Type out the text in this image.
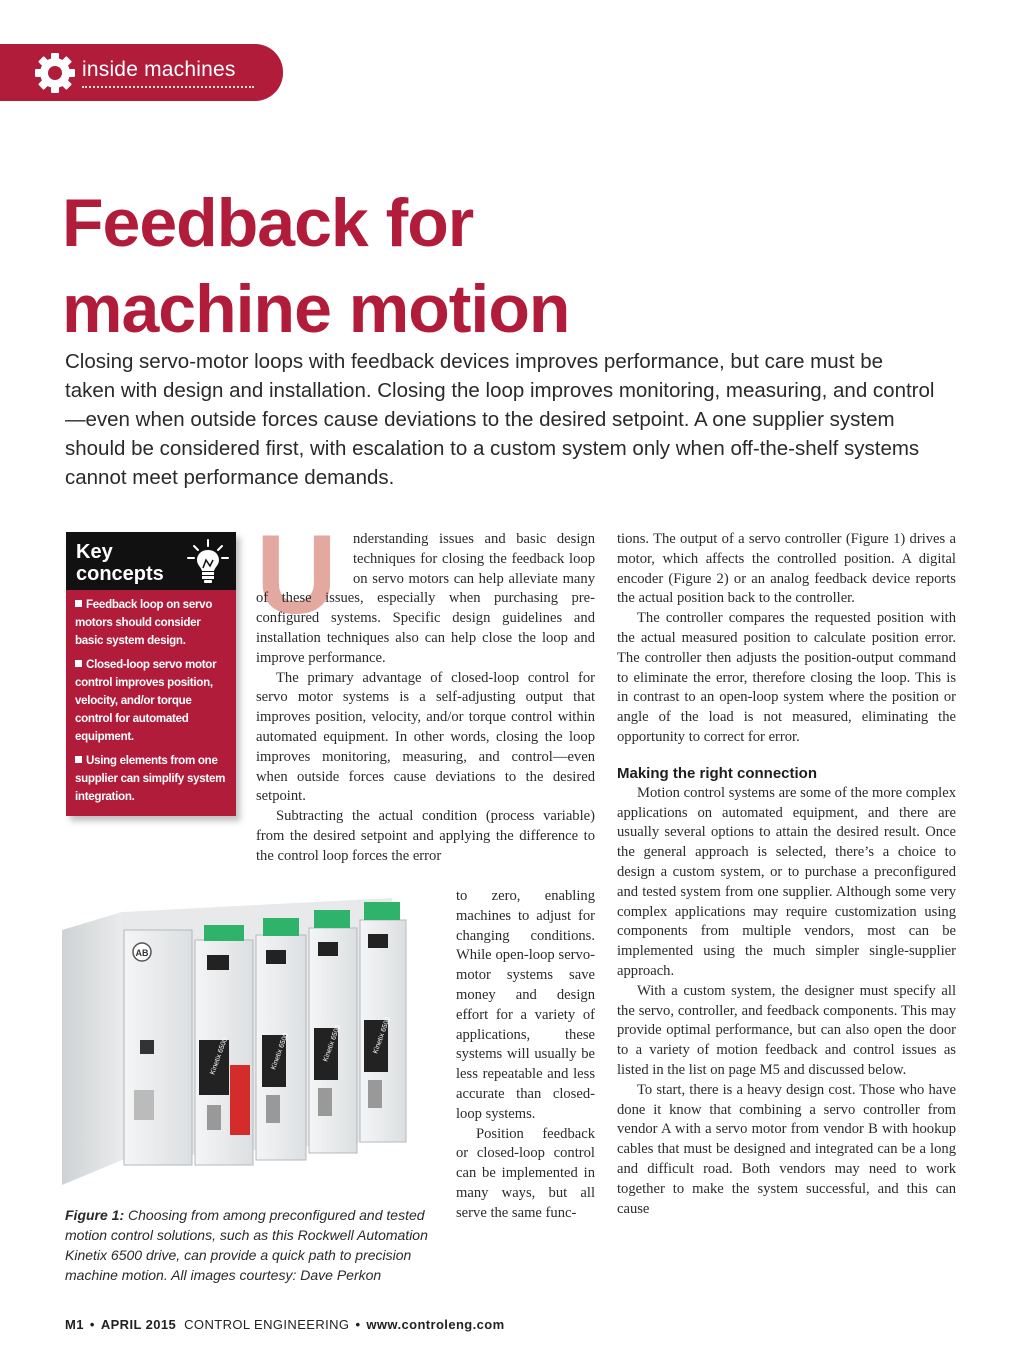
inside machines
Feedback for
machine motion

Closing servo-motor loops with feedback devices improves performance, but care must be taken with design and installation. Closing the loop improves monitoring, measuring, and control—even when outside forces cause deviations to the desired setpoint. A one supplier system should be considered first, with escalation to a custom system only when off-the-shelf systems cannot meet performance demands.

Key
concepts
Feedback loop on servo motors should consider basic system design.
Closed-loop servo motor control improves position, velocity, and/or torque control for automated equipment.
Using elements from one supplier can simplify system integration.
U	nderstanding issues and basic design techniques for closing the feedback loop on servo motors can help alleviate many of these issues, especially when purchasing pre-configured systems. Specific design guidelines and installation techniques also can help close the loop and improve performance.

The primary advantage of closed-loop control for servo motor systems is a self-adjusting output that improves position, velocity, and/or torque control within automated equipment. In other words, closing the loop improves monitoring, measuring, and control—even when outside forces cause deviations to the desired setpoint.

Subtracting the actual condition (process variable) from the desired setpoint and applying the difference to the control loop forces the error

to zero, enabling machines to adjust for changing conditions. While open-loop servo-motor systems save money and design effort for a variety of applications, these systems will usually be less repeatable and less accurate than closed-loop systems.

Position feedback or closed-loop control can be implemented in many ways, but all serve the same func-

tions. The output of a servo controller (Figure 1) drives a motor, which affects the controlled position. A digital encoder (Figure 2) or an analog feedback device reports the actual position back to the controller.

The controller compares the requested position with the actual measured position to calculate position error. The controller then adjusts the position-output command to eliminate the error, therefore closing the loop. This is in contrast to an open-loop system where the position or angle of the load is not measured, eliminating the opportunity to correct for error.

Making the right connection

Motion control systems are some of the more complex applications on automated equipment, and there are usually several options to attain the desired result. Once the general approach is selected, there’s a choice to design a custom system, or to purchase a preconfigured and tested system from one supplier. Although some very complex applications may require customization using components from multiple vendors, most can be implemented using the much simpler single-supplier approach.

With a custom system, the designer must specify all the servo, controller, and feedback components. This may provide optimal performance, but can also open the door to a variety of motion feedback and control issues as listed in the list on page M5 and discussed below.

To start, there is a heavy design cost. Those who have done it know that combining a servo controller from vendor A with a servo motor from vendor B with hookup cables that must be designed and integrated can be a long and difficult road. Both vendors may need to work together to make the system successful, and this can cause

AB
Kinetix 6500	Kinetix 6500	Kinetix 6500	Kinetix 6500

Figure 1: Choosing from among preconfigured and tested motion control solutions, such as this Rockwell Automation Kinetix 6500 drive, can provide a quick path to precision machine motion. All images courtesy: Dave Perkon

M1 • APRIL 2015 CONTROL ENGINEERING • www.controleng.com
